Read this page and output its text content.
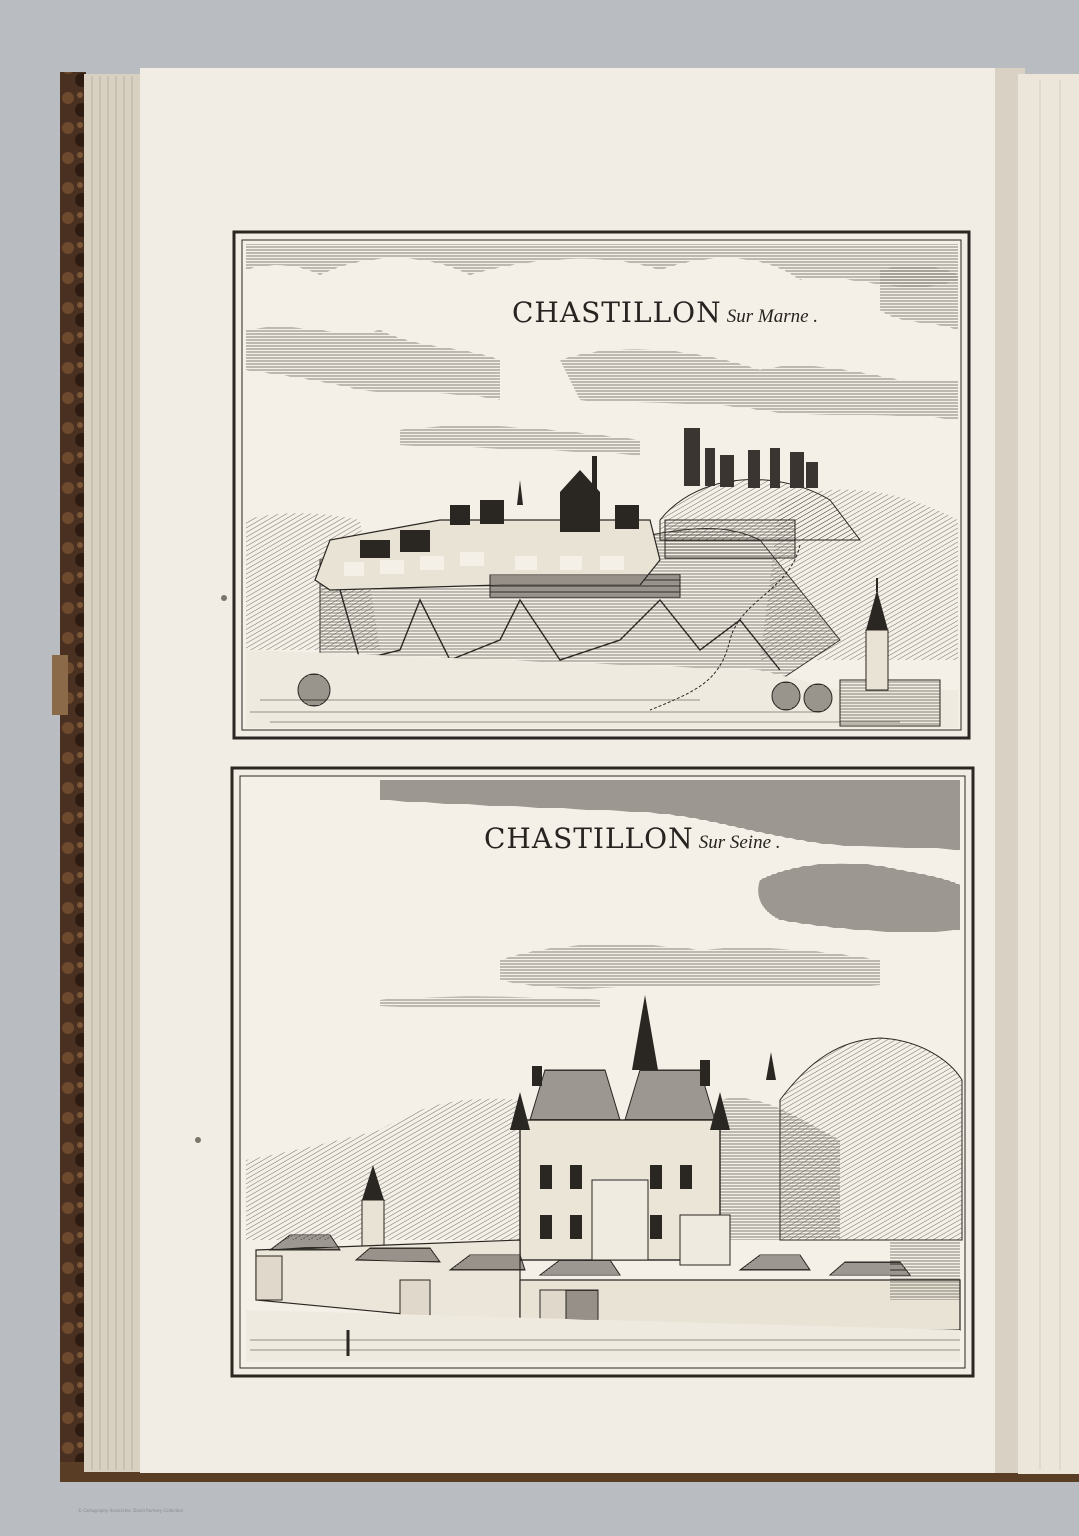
CHASTILLON Sur Marne .
CHASTILLON Sur Seine .
© Cartography Associates, David Rumsey Collection
